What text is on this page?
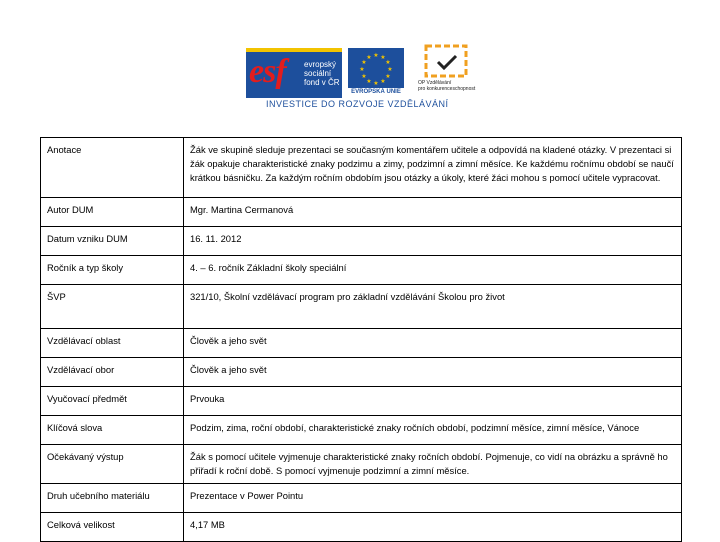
esf evropský
sociální
fond v ČR
★ ★
★
★
★
★
★
★
★
★
★
★
EVROPSKÁ UNIE
OP Vzdělávání
pro konkurenceschopnost
INVESTICE DO ROZVOJE VZDĚLÁVÁNÍ
Anotace	Žák ve skupině sleduje prezentaci se současným komentářem učitele a odpovídá na kladené otázky. V prezentaci si žák opakuje charakteristické znaky podzimu a zimy, podzimní a zimní měsíce. Ke každému ročnímu období se naučí krátkou básničku. Za každým ročním obdobím jsou otázky a úkoly, které žáci mohou s pomocí učitele vypracovat.
Autor DUM	Mgr. Martina Cermanová
Datum vzniku DUM	16. 11. 2012
Ročník a typ školy	4. – 6. ročník Základní školy speciální
ŠVP	321/10, Školní vzdělávací program pro základní vzdělávání Školou pro život
Vzdělávací oblast	Člověk a jeho svět
Vzdělávací obor	Člověk a jeho svět
Vyučovací předmět	Prvouka
Klíčová slova	Podzim, zima, roční období, charakteristické znaky ročních období, podzimní měsíce, zimní měsíce, Vánoce
Očekávaný výstup	Žák s pomocí učitele vyjmenuje charakteristické znaky ročních období. Pojmenuje, co vidí na obrázku a správně ho přiřadí k roční době. S pomocí vyjmenuje podzimní a zimní měsíce.
Druh učebního materiálu	Prezentace v Power Pointu
Celková velikost	4,17 MB
